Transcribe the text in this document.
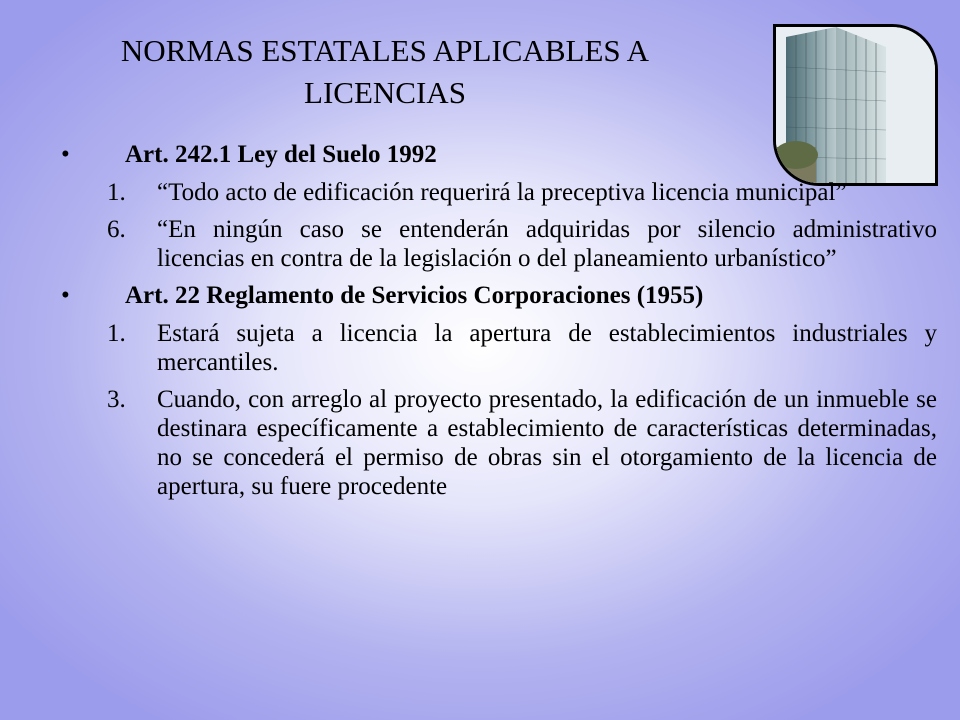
NORMAS ESTATALES APLICABLES A
LICENCIAS
•	Art. 242.1 Ley del Suelo 1992
1.	“Todo acto de edificación requerirá la preceptiva licencia municipal”
6.	“En ningún caso se entenderán adquiridas por silencio administrativo licencias en contra de la legislación o del planeamiento urbanístico”
•	Art. 22 Reglamento de Servicios Corporaciones (1955)
1.	Estará sujeta a licencia la apertura de establecimientos industriales y mercantiles.
3.	Cuando, con arreglo al proyecto presentado, la edificación de un inmueble se destinara específicamente a establecimiento de características determinadas, no se concederá el permiso de obras sin el otorgamiento de la licencia de apertura, su fuere procedente
